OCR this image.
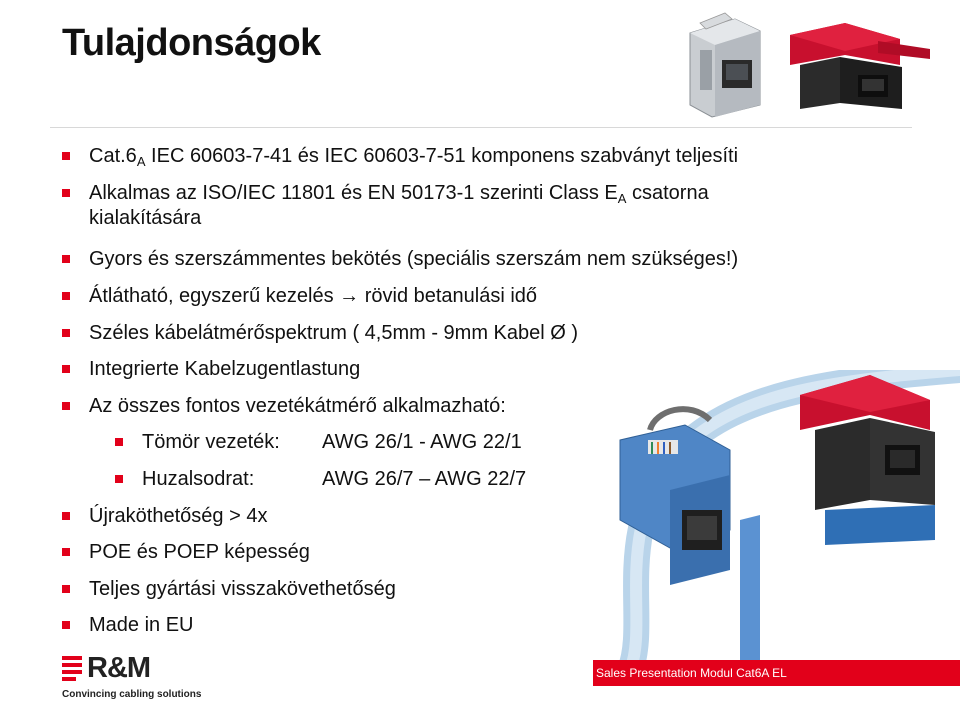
Tulajdonságok
$Cat.6_A$ IEC 60603-7-41 és IEC 60603-7-51 komponens szabványt teljesíti
Alkalmas az ISO/IEC 11801 és EN 50173-1 szerinti Class $E_A$ csatorna
kialakítására
Gyors és szerszámmentes bekötés (speciális szerszám nem szükséges!)
Átlátható, egyszerű kezelés → rövid betanulási idő
Széles kábelátmérőspektrum ( 4,5mm - 9mm Kabel Ø )
Integrierte Kabelzugentlastung
Az összes fontos vezetékátmérő alkalmazható:
Tömör vezeték: AWG 26/1 - AWG 22/1
Huzalsodrat:	AWG 26/7 – AWG 22/7
Újraköthetőség > 4x
POE és POEP képesség
Teljes gyártási visszakövethetőség
Made in EU
R&M
Convincing cabling solutions
Sales Presentation Modul Cat6A EL
